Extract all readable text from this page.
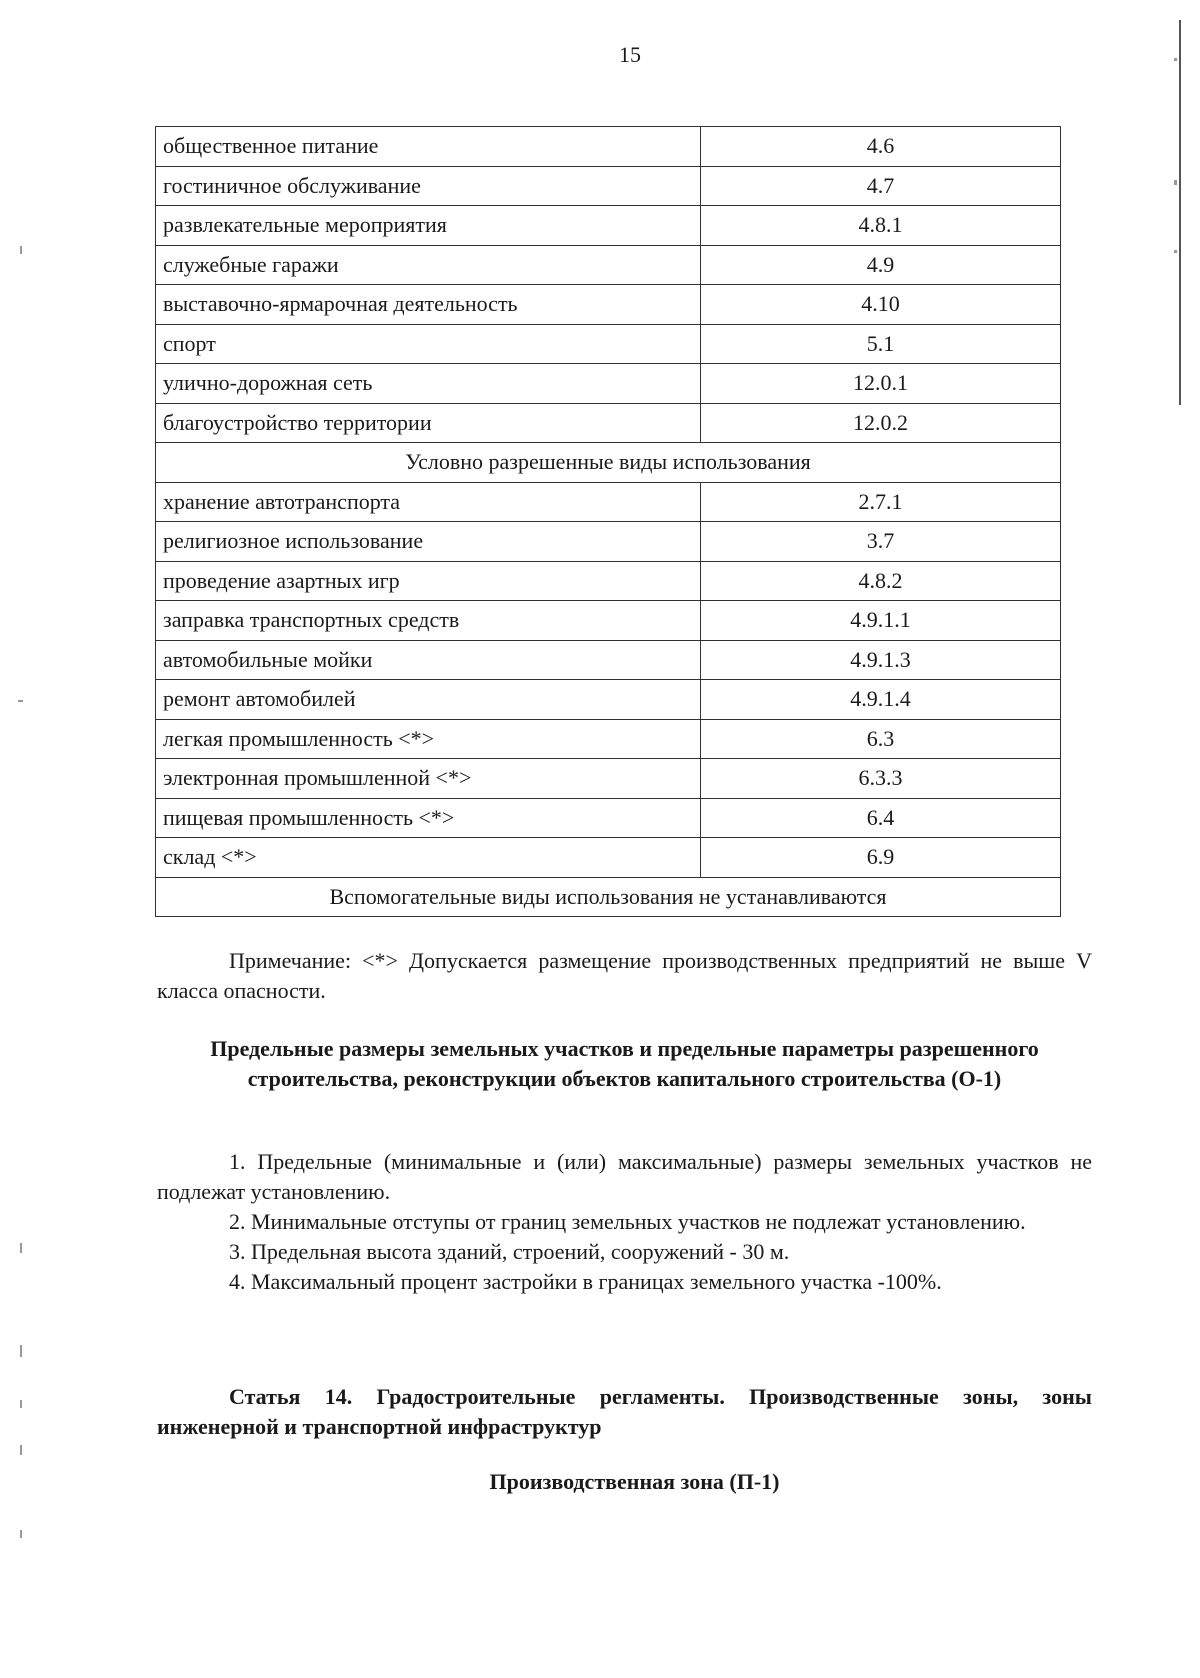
15
общественное питание	4.6
гостиничное обслуживание	4.7
развлекательные мероприятия	4.8.1
служебные гаражи	4.9
выставочно-ярмарочная деятельность	4.10
спорт	5.1
улично-дорожная сеть	12.0.1
благоустройство территории	12.0.2
Условно разрешенные виды использования	
хранение автотранспорта	2.7.1
религиозное использование	3.7
проведение азартных игр	4.8.2
заправка транспортных средств	4.9.1.1
автомобильные мойки	4.9.1.3
ремонт автомобилей	4.9.1.4
легкая промышленность <*>	6.3
электронная промышленной <*>	6.3.3
пищевая промышленность <*>	6.4
склад <*>	6.9
Вспомогательные виды использования не устанавливаются	

Примечание: <*> Допускается размещение производственных предприятий не выше V класса опасности.

Предельные размеры земельных участков и предельные параметры разрешенного строительства, реконструкции объектов капитального строительства (О-1)

1. Предельные (минимальные и (или) максимальные) размеры земельных участков не подлежат установлению.

2. Минимальные отступы от границ земельных участков не подлежат установлению.

3. Предельная высота зданий, строений, сооружений - 30 м.

4. Максимальный процент застройки в границах земельного участка -100%.

Статья 14. Градостроительные регламенты. Производственные зоны, зоны инженерной и транспортной инфраструктур
Производственная зона (П-1)
